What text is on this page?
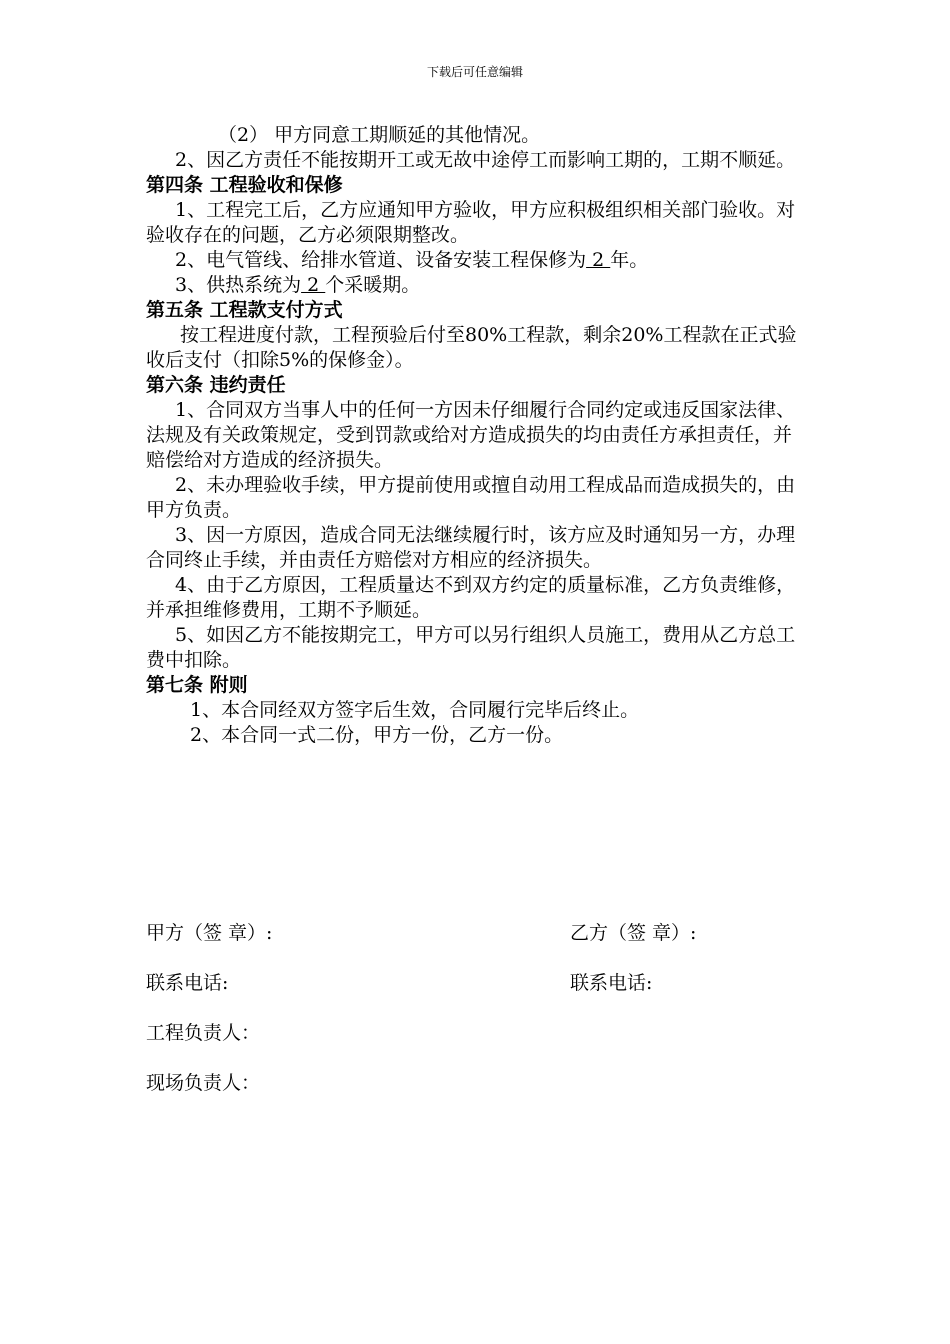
下载后可任意编辑

（2） 甲方同意工期顺延的其他情况。

2、因乙方责任不能按期开工或无故中途停工而影响工期的，工期不顺延。

第四条 工程验收和保修

1、工程完工后，乙方应通知甲方验收，甲方应积极组织相关部门验收。对验收存在的问题，乙方必须限期整改。

2、电气管线、给排水管道、设备安装工程保修为 2 年。

3、供热系统为 2 个采暖期。

第五条 工程款支付方式

按工程进度付款，工程预验后付至80%工程款，剩余20%工程款在正式验收后支付（扣除5%的保修金）。

第六条 违约责任

1、合同双方当事人中的任何一方因未仔细履行合同约定或违反国家法律、法规及有关政策规定，受到罚款或给对方造成损失的均由责任方承担责任，并赔偿给对方造成的经济损失。

2、未办理验收手续，甲方提前使用或擅自动用工程成品而造成损失的，由甲方负责。

3、因一方原因，造成合同无法继续履行时，该方应及时通知另一方，办理合同终止手续，并由责任方赔偿对方相应的经济损失。

4、由于乙方原因，工程质量达不到双方约定的质量标准，乙方负责维修，并承担维修费用，工期不予顺延。

5、如因乙方不能按期完工，甲方可以另行组织人员施工，费用从乙方总工费中扣除。

第七条 附则

1、本合同经双方签字后生效，合同履行完毕后终止。

2、本合同一式二份，甲方一份，乙方一份。

甲方（签 章）:	乙方（签 章）:
联系电话:	联系电话:
工程负责人：
现场负责人：
